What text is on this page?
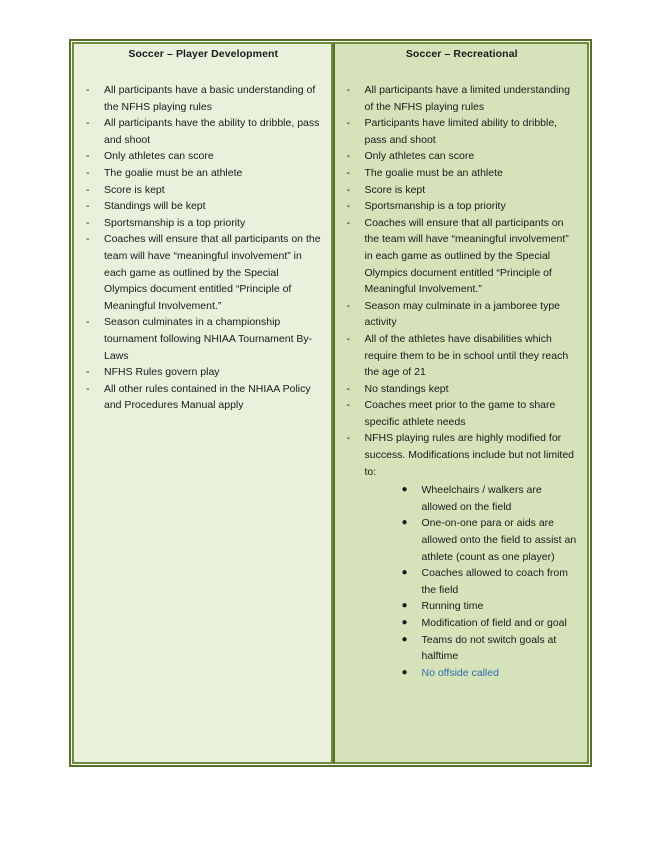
Soccer – Player Development
- All participants have a basic understanding of the NFHS playing rules
- All participants have the ability to dribble, pass and shoot
- Only athletes can score
- The goalie must be an athlete
- Score is kept
- Standings will be kept
- Sportsmanship is a top priority
- Coaches will ensure that all participants on the team will have “meaningful involvement” in each game as outlined by the Special Olympics document entitled “Principle of Meaningful Involvement.”
- Season culminates in a championship tournament following NHIAA Tournament By-Laws
- NFHS Rules govern play
- All other rules contained in the NHIAA Policy and Procedures Manual apply
Soccer – Recreational
- All participants have a limited understanding of the NFHS playing rules
- Participants have limited ability to dribble, pass and shoot
- Only athletes can score
- The goalie must be an athlete
- Score is kept
- Sportsmanship is a top priority
- Coaches will ensure that all participants on the team will have “meaningful involvement” in each game as outlined by the Special Olympics document entitled “Principle of Meaningful Involvement.”
- Season may culminate in a jamboree type activity
- All of the athletes have disabilities which require them to be in school until they reach the age of 21
- No standings kept
- Coaches meet prior to the game to share specific athlete needs
- NFHS playing rules are highly modified for success. Modifications include but not limited to:
● Wheelchairs / walkers are allowed on the field
● One-on-one para or aids are allowed onto the field to assist an athlete (count as one player)
● Coaches allowed to coach from the field
● Running time
● Modification of field and or goal
● Teams do not switch goals at halftime
● No offside called
